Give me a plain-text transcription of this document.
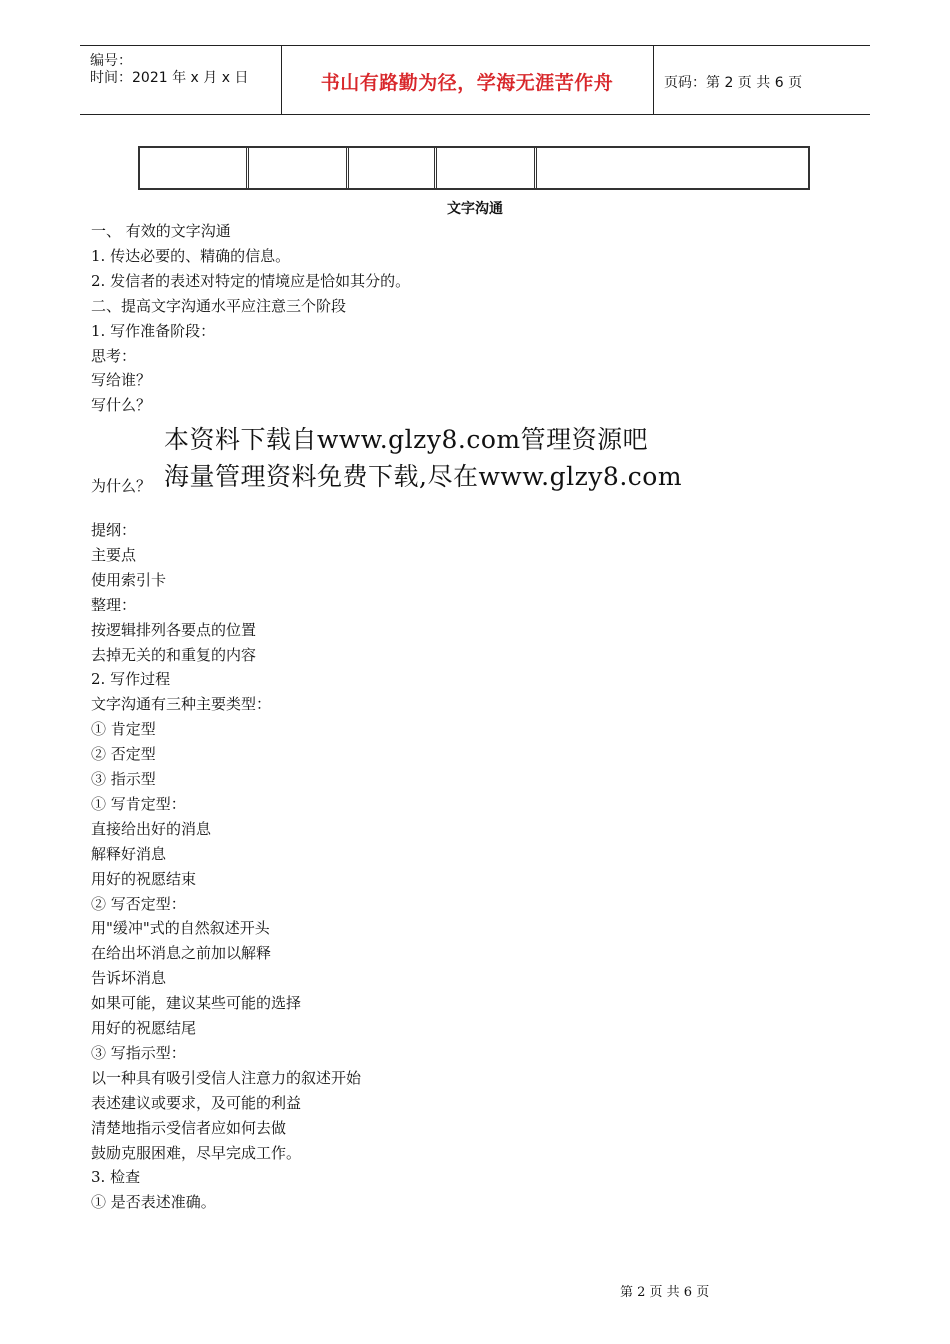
编号：
时间：2021 年 x 月 x 日	书山有路勤为径，学海无涯苦作舟	页码：第 2 页 共 6 页
文字沟通
一、 有效的文字沟通
1. 传达必要的、精确的信息。
2. 发信者的表述对特定的情境应是恰如其分的。
二、提高文字沟通水平应注意三个阶段
1. 写作准备阶段：
思考：
写给谁？
写什么？
本资料下载自www.glzy8.com管理资源吧
海量管理资料免费下载,尽在www.glzy8.com
为什么？
提纲：
主要点
使用索引卡
整理：
按逻辑排列各要点的位置
去掉无关的和重复的内容
2. 写作过程
文字沟通有三种主要类型：
① 肯定型
② 否定型
③ 指示型
① 写肯定型：
直接给出好的消息
解释好消息
用好的祝愿结束
② 写否定型：
用"缓冲"式的自然叙述开头
在给出坏消息之前加以解释
告诉坏消息
如果可能，建议某些可能的选择
用好的祝愿结尾
③ 写指示型：
以一种具有吸引受信人注意力的叙述开始
表述建议或要求，及可能的利益
清楚地指示受信者应如何去做
鼓励克服困难，尽早完成工作。
3. 检查
① 是否表述准确。
第 2 页 共 6 页
